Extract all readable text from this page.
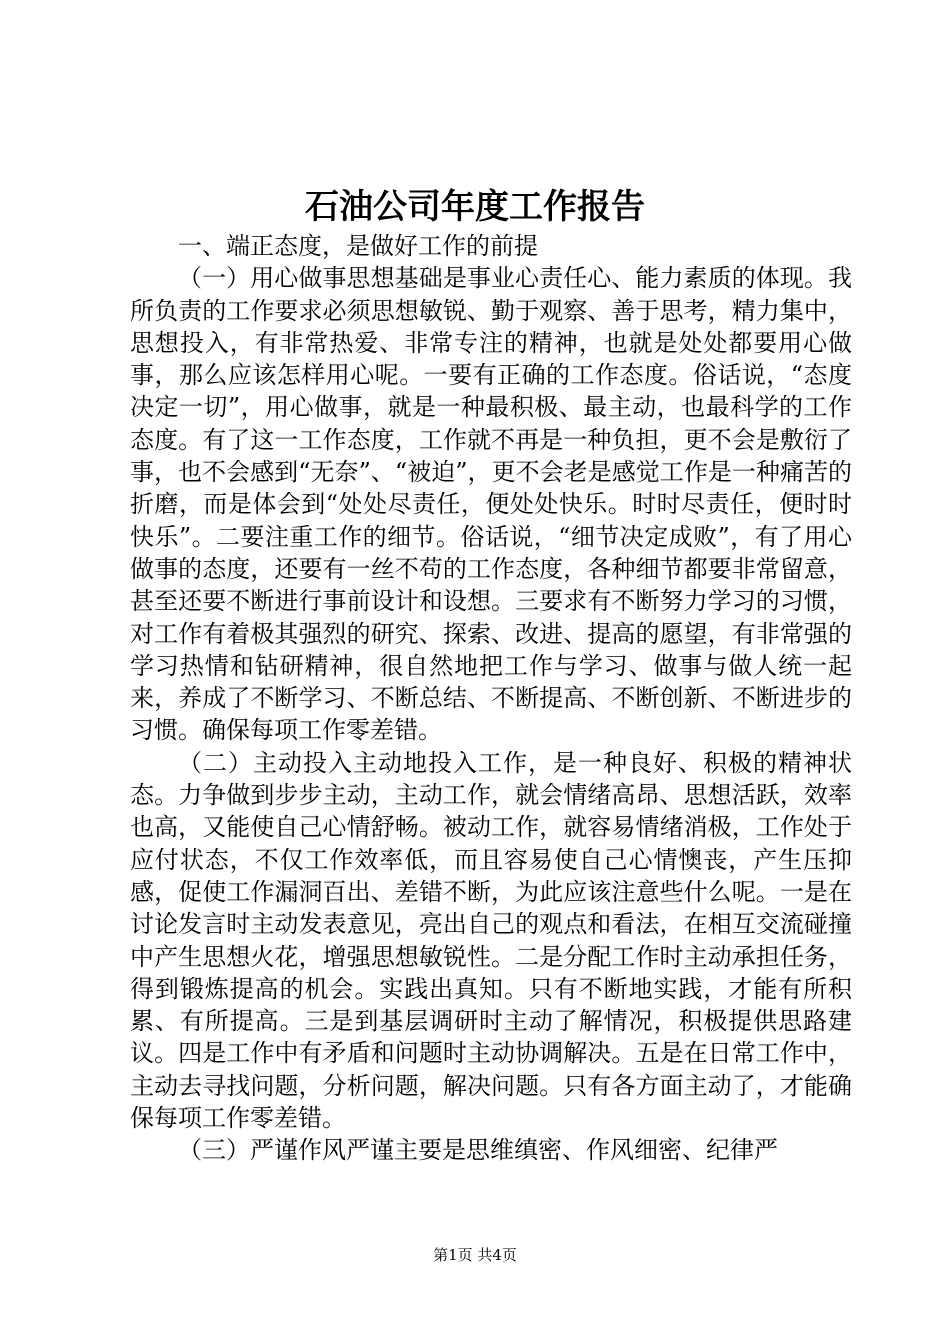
石油公司年度工作报告

一、端正态度，是做好工作的前提

（一）用心做事思想基础是事业心责任心、能力素质的体现。我所负责的工作要求必须思想敏锐、勤于观察、善于思考，精力集中，思想投入，有非常热爱、非常专注的精神，也就是处处都要用心做事，那么应该怎样用心呢。一要有正确的工作态度。俗话说，“态度决定一切”，用心做事，就是一种最积极、最主动，也最科学的工作态度。有了这一工作态度，工作就不再是一种负担，更不会是敷衍了事，也不会感到“无奈”、“被迫”，更不会老是感觉工作是一种痛苦的折磨，而是体会到“处处尽责任，便处处快乐。时时尽责任，便时时快乐”。二要注重工作的细节。俗话说，“细节决定成败”，有了用心做事的态度，还要有一丝不苟的工作态度，各种细节都要非常留意，甚至还要不断进行事前设计和设想。三要求有不断努力学习的习惯，对工作有着极其强烈的研究、探索、改进、提高的愿望，有非常强的学习热情和钻研精神，很自然地把工作与学习、做事与做人统一起来，养成了不断学习、不断总结、不断提高、不断创新、不断进步的习惯。确保每项工作零差错。

（二）主动投入主动地投入工作，是一种良好、积极的精神状态。力争做到步步主动，主动工作，就会情绪高昂、思想活跃，效率也高，又能使自己心情舒畅。被动工作，就容易情绪消极，工作处于应付状态，不仅工作效率低，而且容易使自己心情懊丧，产生压抑感，促使工作漏洞百出、差错不断，为此应该注意些什么呢。一是在讨论发言时主动发表意见，亮出自己的观点和看法，在相互交流碰撞中产生思想火花，增强思想敏锐性。二是分配工作时主动承担任务，得到锻炼提高的机会。实践出真知。只有不断地实践，才能有所积累、有所提高。三是到基层调研时主动了解情况，积极提供思路建议。四是工作中有矛盾和问题时主动协调解决。五是在日常工作中，主动去寻找问题，分析问题，解决问题。只有各方面主动了，才能确保每项工作零差错。

（三）严谨作风严谨主要是思维缜密、作风细密、纪律严

第1页 共4页
